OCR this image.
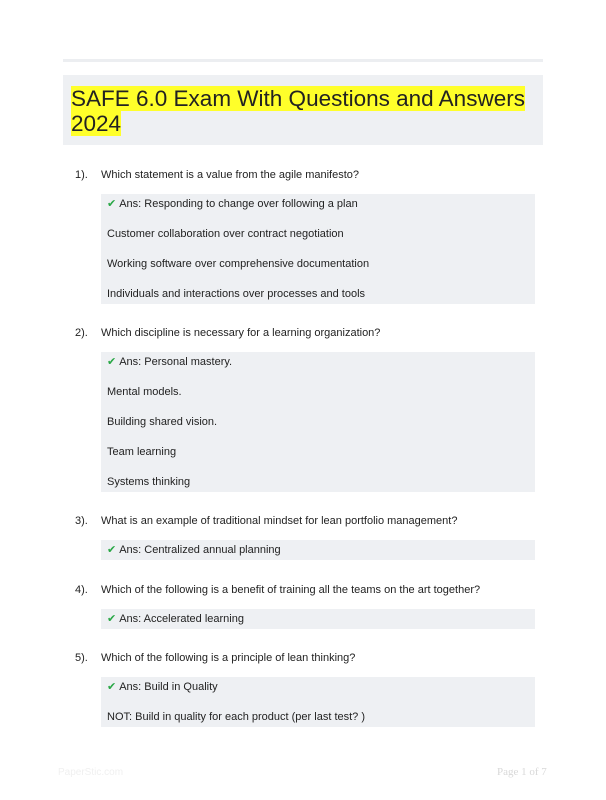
SAFE 6.0 Exam With Questions and Answers 2024
1). Which statement is a value from the agile manifesto?
✔ Ans: Responding to change over following a plan
Customer collaboration over contract negotiation
Working software over comprehensive documentation
Individuals and interactions over processes and tools
2). Which discipline is necessary for a learning organization?
✔ Ans: Personal mastery.
Mental models.
Building shared vision.
Team learning
Systems thinking
3). What is an example of traditional mindset for lean portfolio management?
✔ Ans: Centralized annual planning
4). Which of the following is a benefit of training all the teams on the art together?
✔ Ans: Accelerated learning
5). Which of the following is a principle of lean thinking?
✔ Ans: Build in Quality
NOT: Build in quality for each product (per last test? )
PaperStic.com	Page 1 of 7
